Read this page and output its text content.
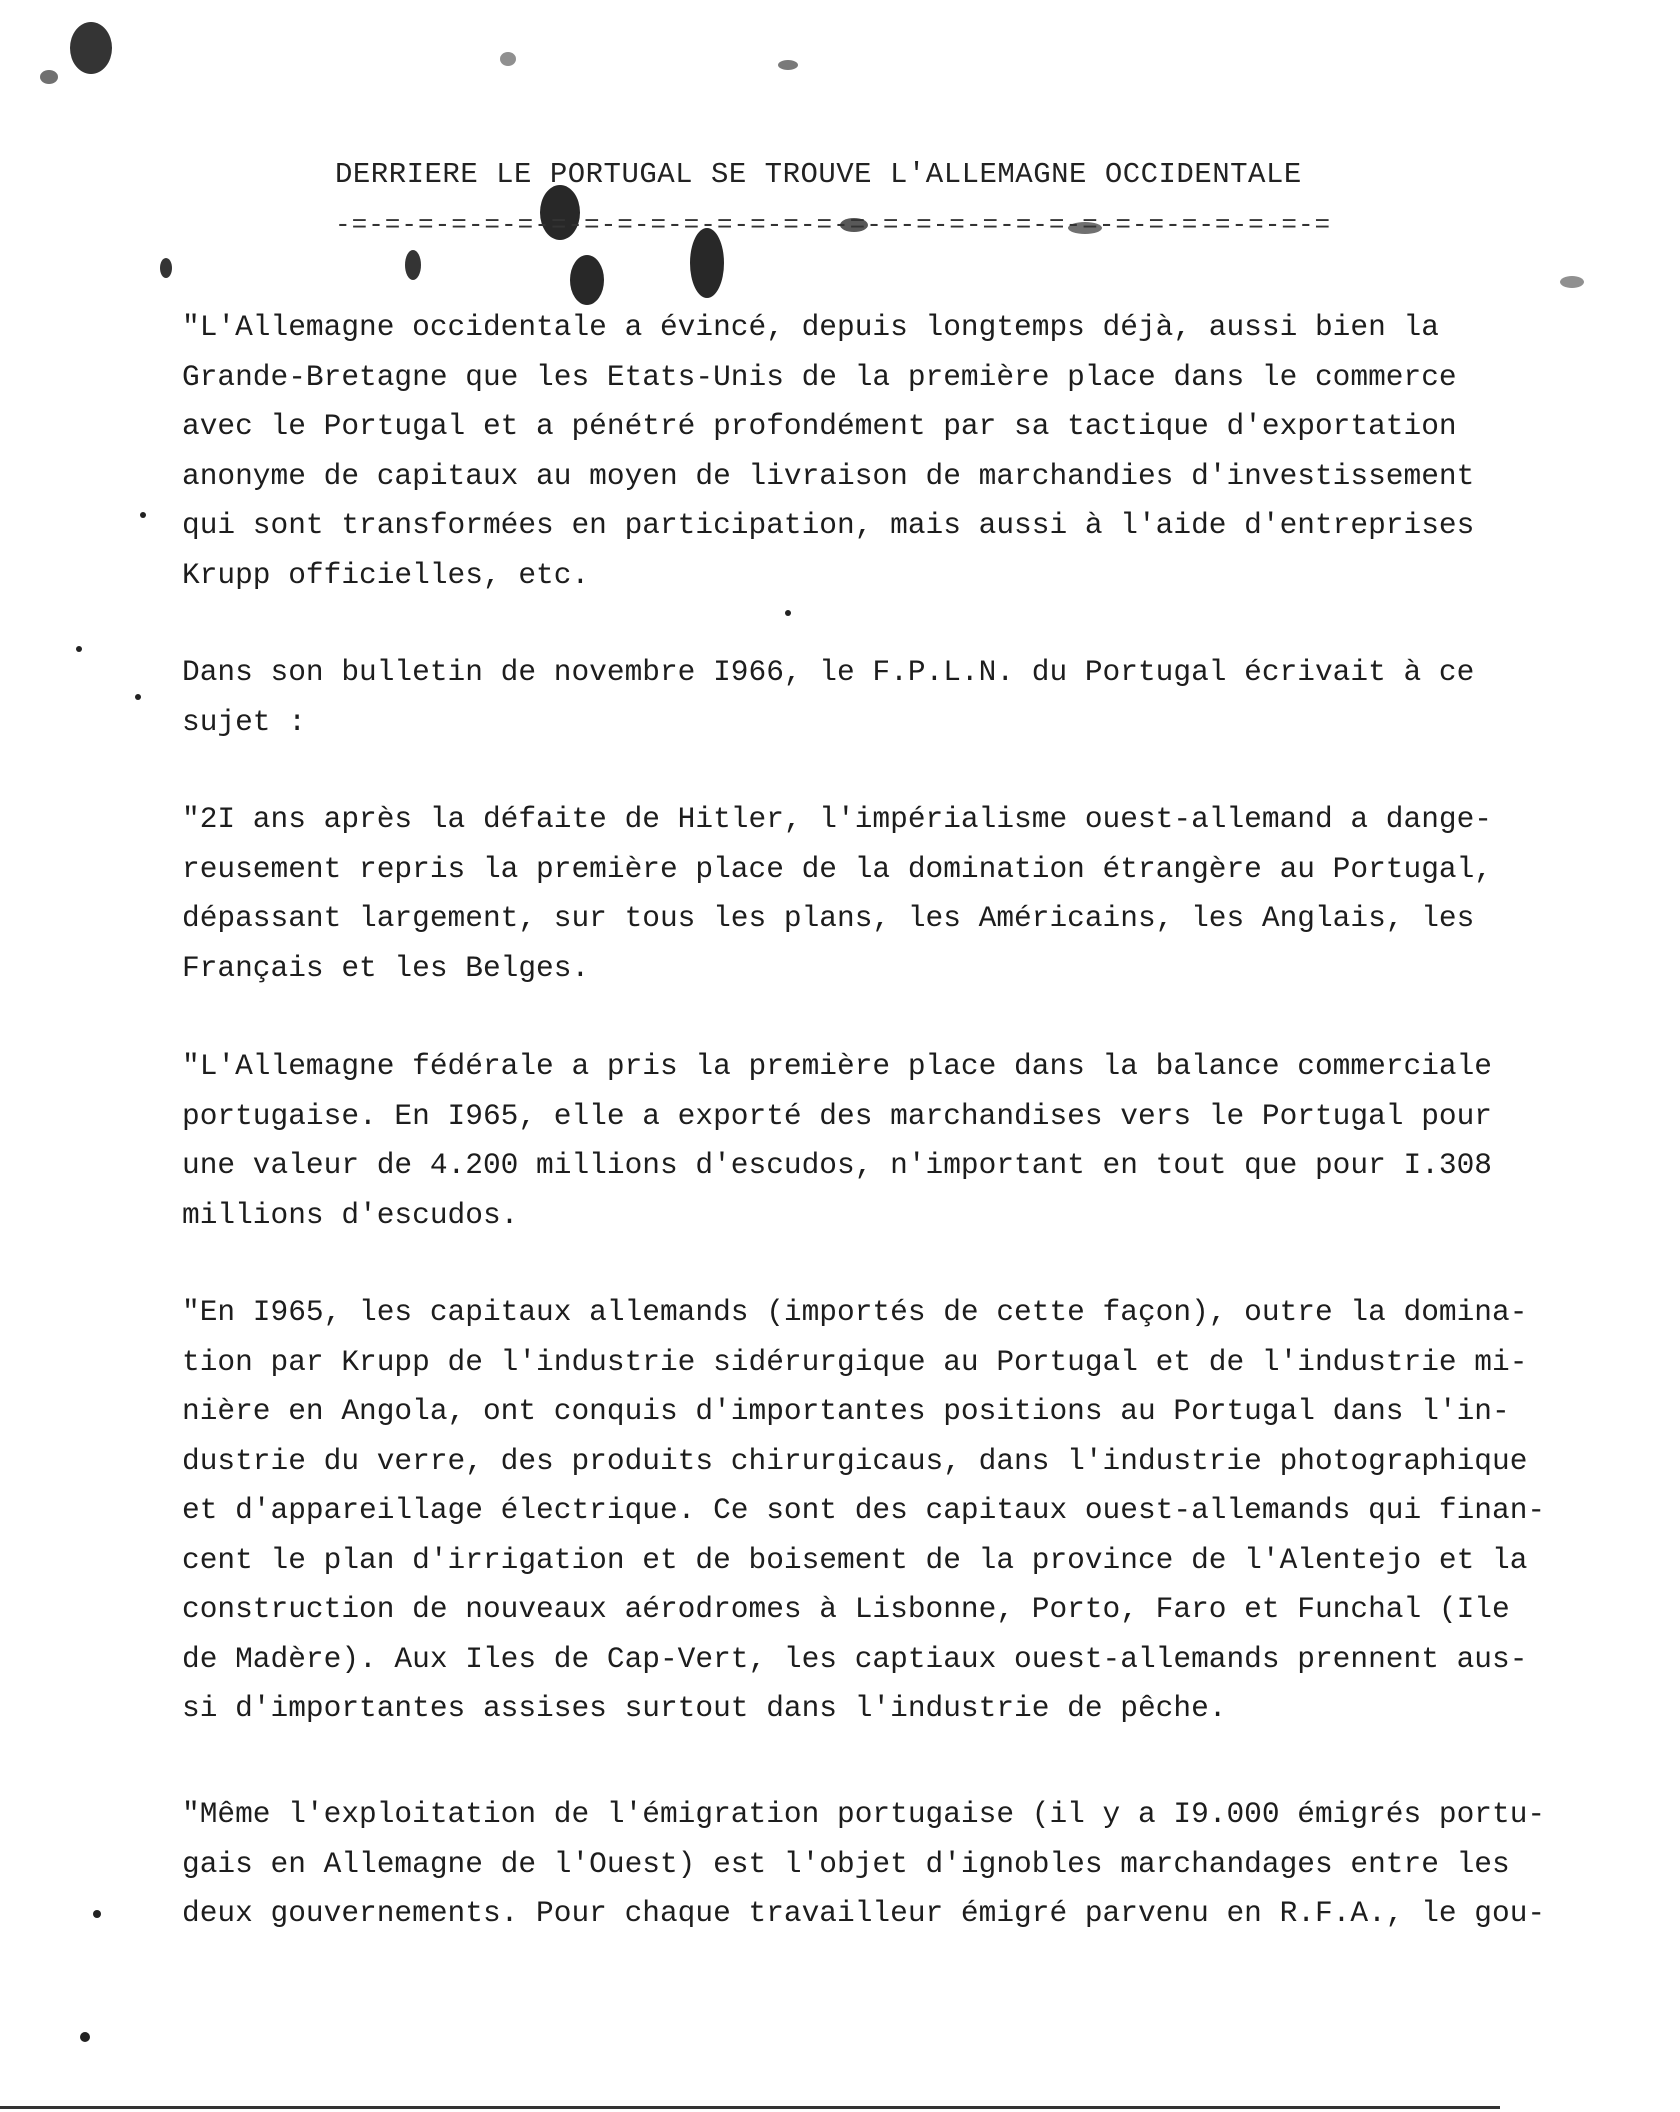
DERRIERE LE PORTUGAL SE TROUVE L'ALLEMAGNE OCCIDENTALE
-=-=-=-=-=-=-=-=-=-=-=-=-=-=-=-=-=-=-=-=-=-=-=-=-=-=-=-=-=-=

"L'Allemagne occidentale a évincé, depuis longtemps déjà, aussi bien la
Grande-Bretagne que les Etats-Unis de la première place dans le commerce
avec le Portugal et a pénétré profondément par sa tactique d'exportation
anonyme de capitaux au moyen de livraison de marchandies d'investissement
qui sont transformées en participation, mais aussi à l'aide d'entreprises
Krupp officielles, etc.

Dans son bulletin de novembre I966, le F.P.L.N. du Portugal écrivait à ce
sujet :

"2I ans après la défaite de Hitler, l'impérialisme ouest-allemand a dange-
reusement repris la première place de la domination étrangère au Portugal,
dépassant largement, sur tous les plans, les Américains, les Anglais, les
Français et les Belges.

"L'Allemagne fédérale a pris la première place dans la balance commerciale
portugaise. En I965, elle a exporté des marchandises vers le Portugal pour
une valeur de 4.200 millions d'escudos, n'important en tout que pour I.308
millions d'escudos.

"En I965, les capitaux allemands (importés de cette façon), outre la domina-
tion par Krupp de l'industrie sidérurgique au Portugal et de l'industrie mi-
nière en Angola, ont conquis d'importantes positions au Portugal dans l'in-
dustrie du verre, des produits chirurgicaus, dans l'industrie photographique
et d'appareillage électrique. Ce sont des capitaux ouest-allemands qui finan-
cent le plan d'irrigation et de boisement de la province de l'Alentejo et la
construction de nouveaux aérodromes à Lisbonne, Porto, Faro et Funchal (Ile
de Madère). Aux Iles de Cap-Vert, les captiaux ouest-allemands prennent aus-
si d'importantes assises surtout dans l'industrie de pêche.

"Même l'exploitation de l'émigration portugaise (il y a I9.000 émigrés portu-
gais en Allemagne de l'Ouest) est l'objet d'ignobles marchandages entre les
deux gouvernements. Pour chaque travailleur émigré parvenu en R.F.A., le gou-
